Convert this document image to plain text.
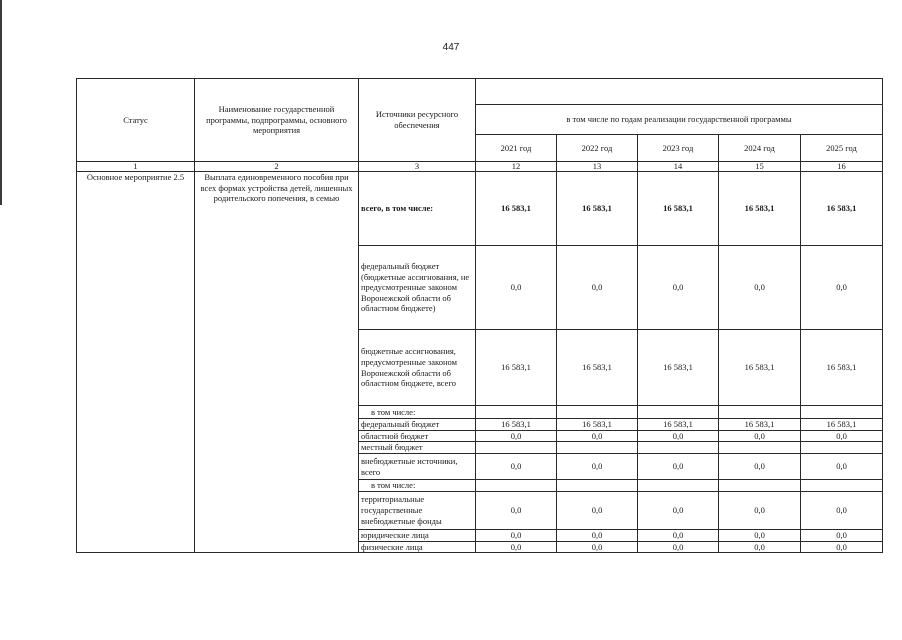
447
Статус	Наименование государственной программы, подпрограммы, основного мероприятия	Источники ресурсного обеспечения					
			в том числе по годам реализации государственной программы				
			2021 год	2022 год	2023 год	2024 год	2025 год
1	2	3	12	13	14	15	16
Основное мероприятие 2.5	Выплата единовременного пособия при всех формах устройства детей, лишенных родительского попечения, в семью	всего, в том числе:	16 583,1	16 583,1	16 583,1	16 583,1	16 583,1
		федеральный бюджет (бюджетные ассигнования, не предусмотренные законом Воронежской области об областном бюджете)	0,0	0,0	0,0	0,0	0,0
		бюджетные ассигнования, предусмотренные законом Воронежской области об областном бюджете, всего	16 583,1	16 583,1	16 583,1	16 583,1	16 583,1
		в том числе:					
		федеральный бюджет	16 583,1	16 583,1	16 583,1	16 583,1	16 583,1
		областной бюджет	0,0	0,0	0,0	0,0	0,0
		местный бюджет					
		внебюджетные источники, всего	0,0	0,0	0,0	0,0	0,0
		в том числе:					
		территориальные государственные внебюджетные фонды	0,0	0,0	0,0	0,0	0,0
		юридические лица	0,0	0,0	0,0	0,0	0,0
		физические лица	0,0	0,0	0,0	0,0	0,0
